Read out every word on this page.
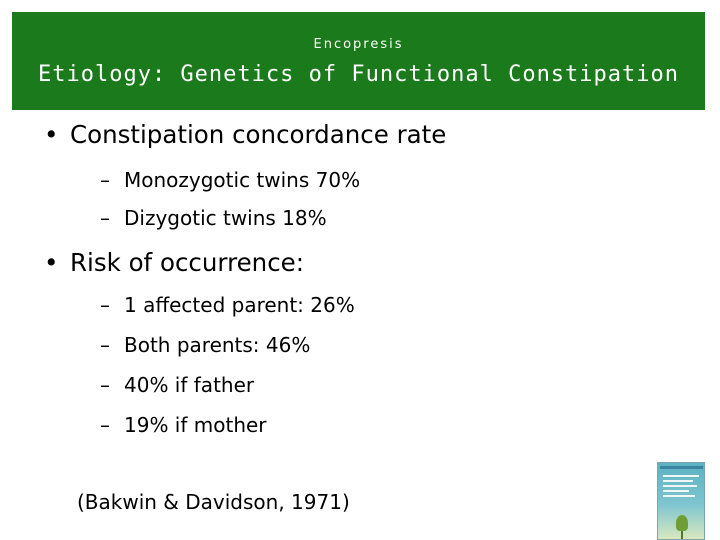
Encopresis
Etiology: Genetics of Functional Constipation
• Constipation concordance rate
– Monozygotic twins 70%
– Dizygotic twins 18%
• Risk of occurrence:
– 1 affected parent: 26%
– Both parents: 46%
– 40% if father
– 19% if mother
(Bakwin & Davidson, 1971)
